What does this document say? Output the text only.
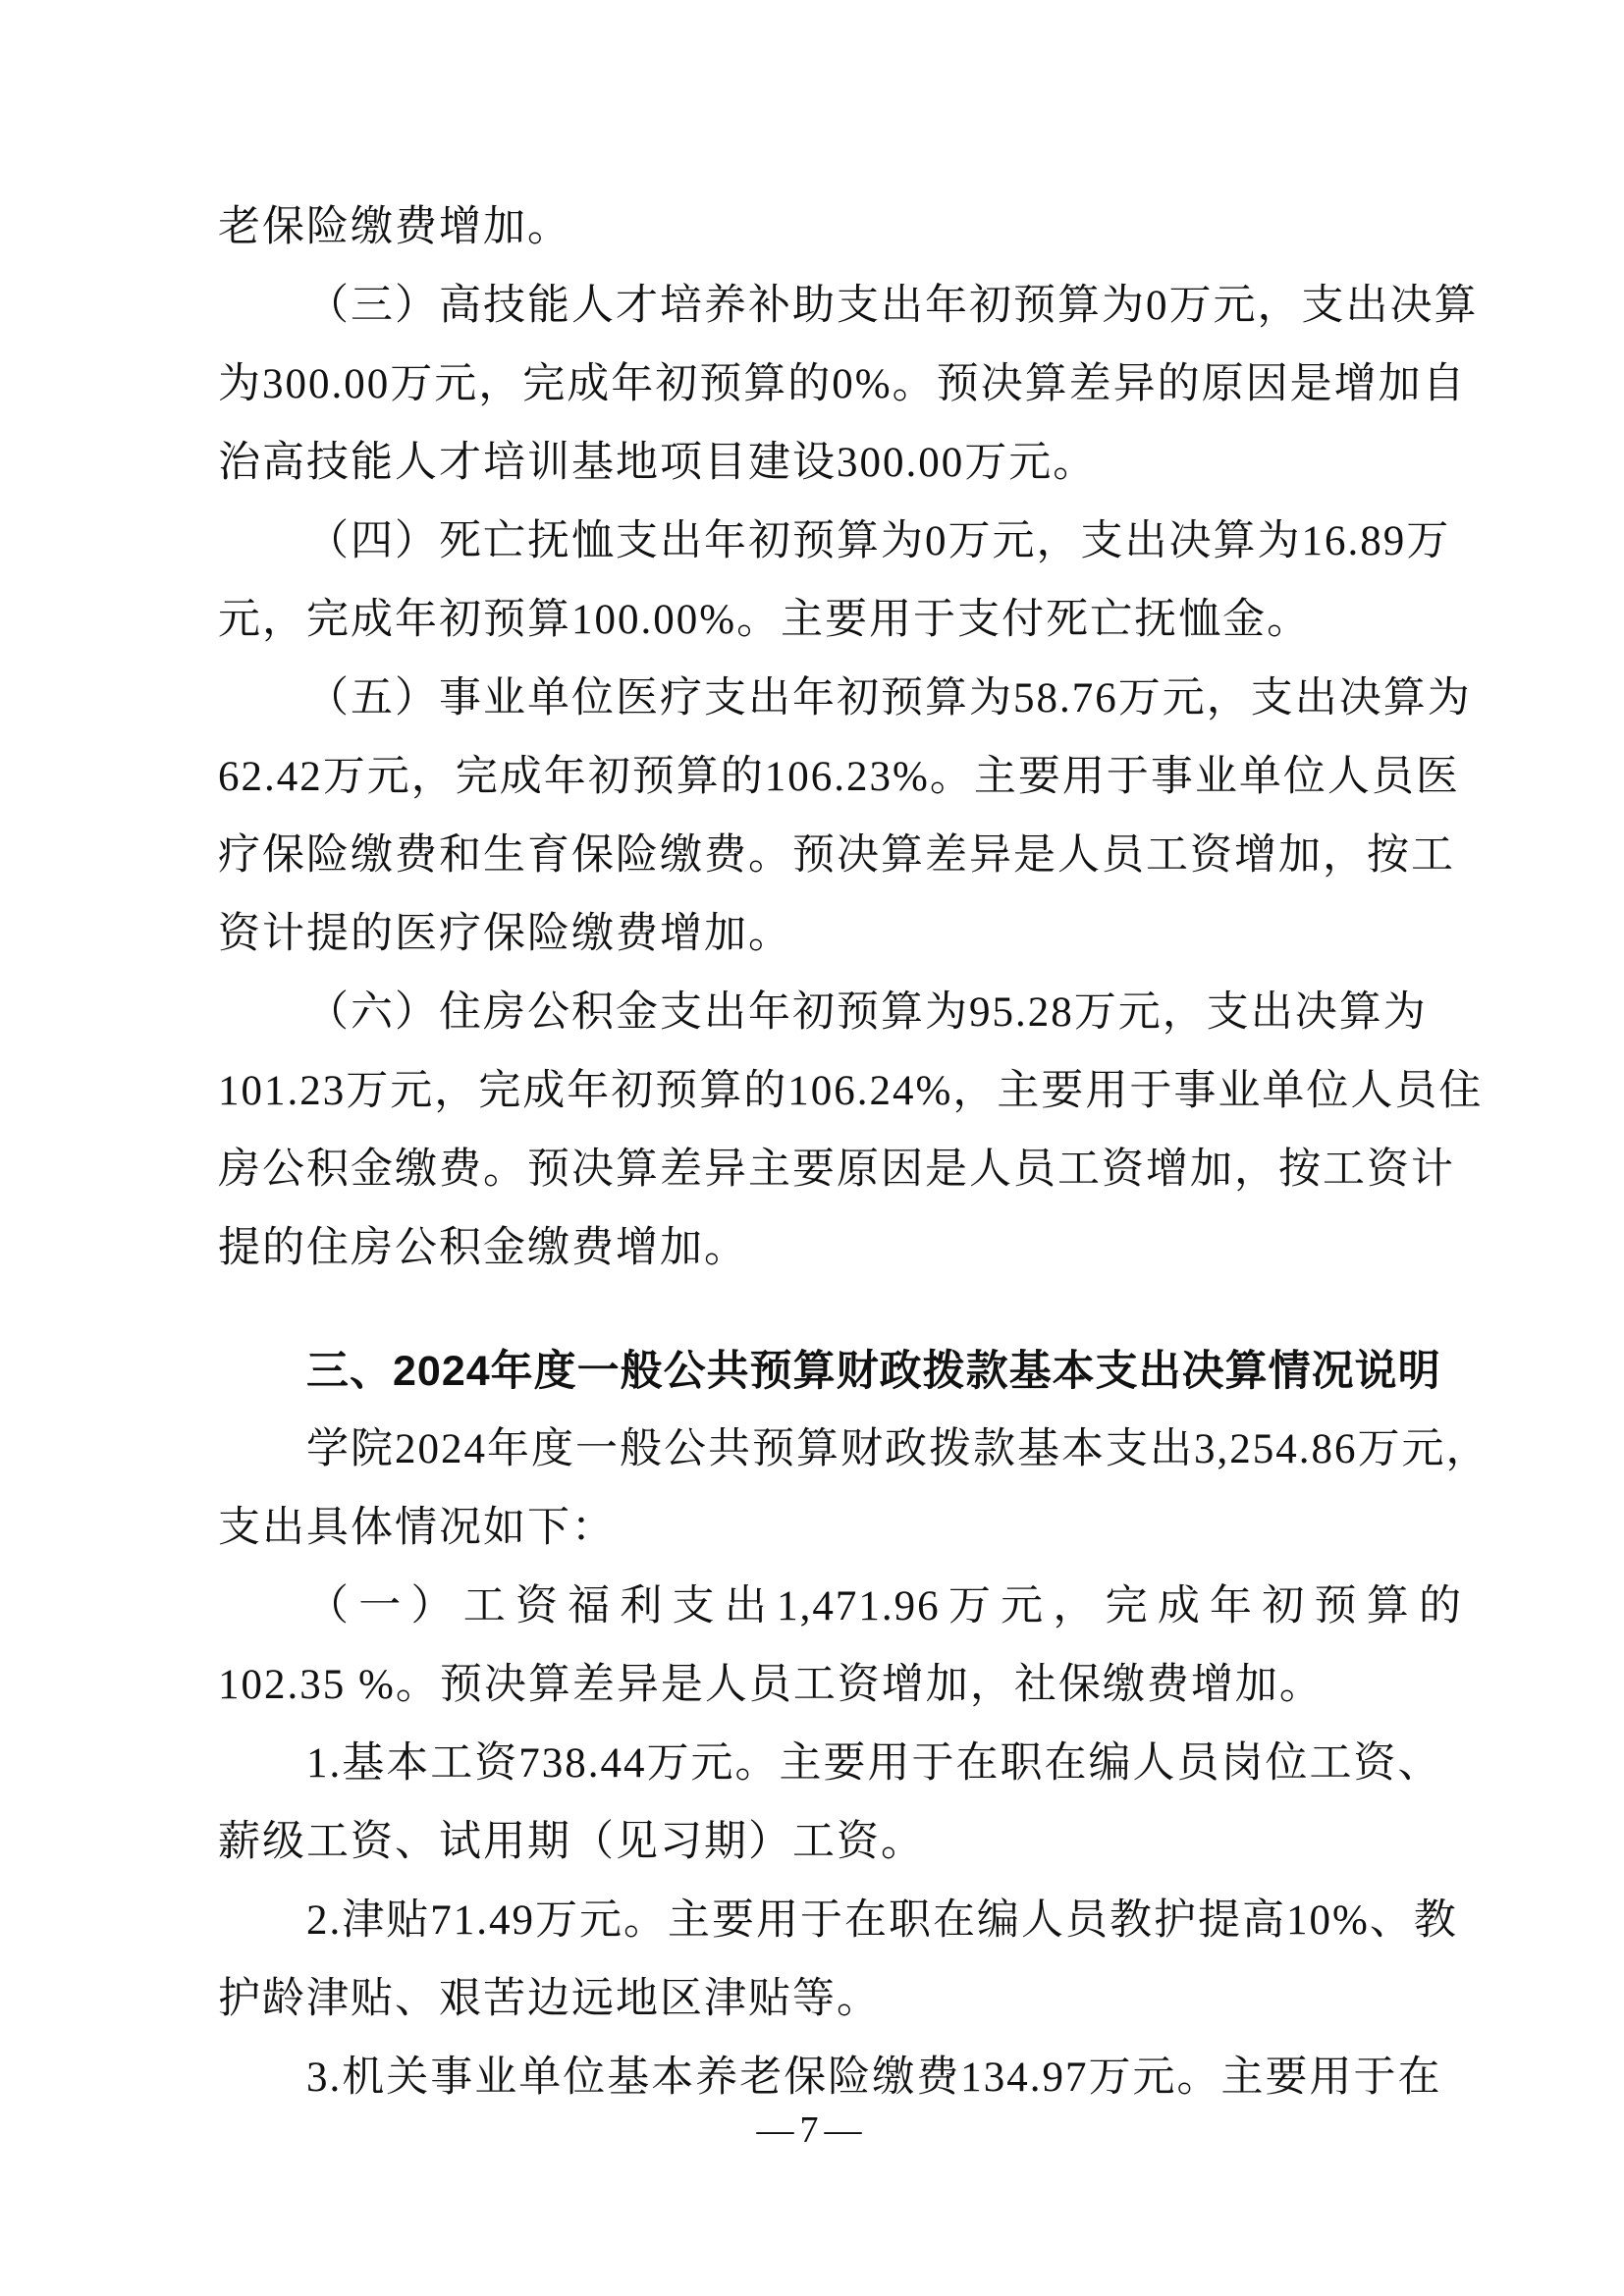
老保险缴费增加。
（三）高技能人才培养补助支出年初预算为0万元，支出决算
为300.00万元，完成年初预算的0%。预决算差异的原因是增加自
治高技能人才培训基地项目建设300.00万元。
（四）死亡抚恤支出年初预算为0万元，支出决算为16.89万
元，完成年初预算100.00%。主要用于支付死亡抚恤金。
（五）事业单位医疗支出年初预算为58.76万元，支出决算为
62.42万元，完成年初预算的106.23%。主要用于事业单位人员医
疗保险缴费和生育保险缴费。预决算差异是人员工资增加，按工
资计提的医疗保险缴费增加。
（六）住房公积金支出年初预算为95.28万元，支出决算为
101.23万元，完成年初预算的106.24%，主要用于事业单位人员住
房公积金缴费。预决算差异主要原因是人员工资增加，按工资计
提的住房公积金缴费增加。
三、2024年度一般公共预算财政拨款基本支出决算情况说明
学院2024年度一般公共预算财政拨款基本支出3,254.86万元，
支出具体情况如下：
（一）工资福利支出1,471.96万元，完成年初预算的
102.35 %。预决算差异是人员工资增加，社保缴费增加。
1.基本工资738.44万元。主要用于在职在编人员岗位工资、
薪级工资、试用期（见习期）工资。
2.津贴71.49万元。主要用于在职在编人员教护提高10%、教
护龄津贴、艰苦边远地区津贴等。
3.机关事业单位基本养老保险缴费134.97万元。主要用于在
—7—
